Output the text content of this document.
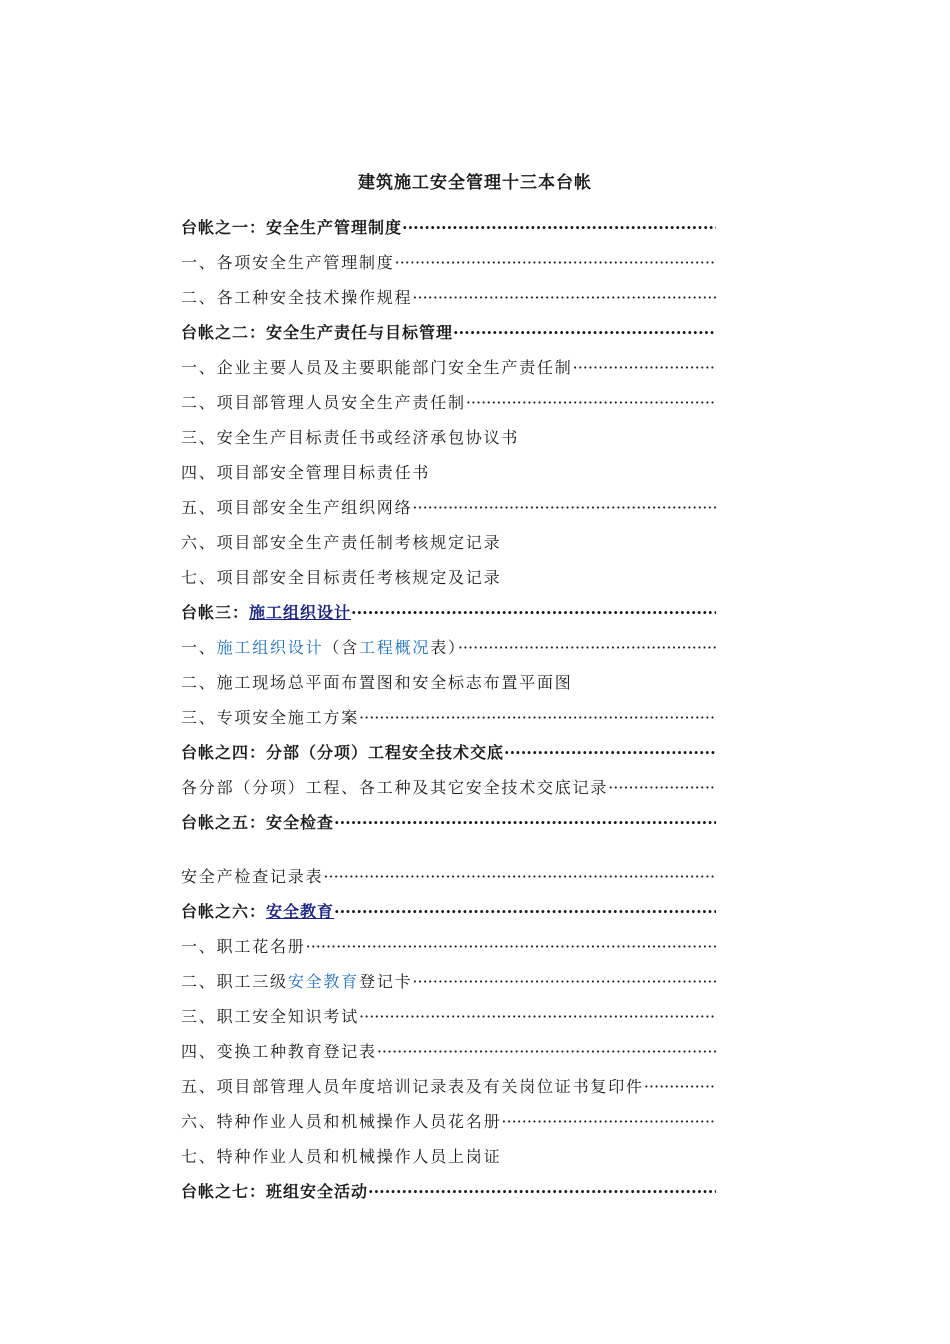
建筑施工安全管理十三本台帐
台帐之一：安全生产管理制度 ·····
一、各项安全生产管理制度 ·····
二、各工种安全技术操作规程 ·····
台帐之二：安全生产责任与目标管理 ·····
一、企业主要人员及主要职能部门安全生产责任制 ·····
二、项目部管理人员安全生产责任制 ·····
三、安全生产目标责任书或经济承包协议书
四、项目部安全管理目标责任书
五、项目部安全生产组织网络 ·····
六、项目部安全生产责任制考核规定记录
七、项目部安全目标责任考核规定及记录
台帐三：施工组织设计 ·····
一、施工组织设计（含工程概况表） ·····
二、施工现场总平面布置图和安全标志布置平面图
三、专项安全施工方案 ·····
台帐之四：分部（分项）工程安全技术交底 ·····
各分部（分项）工程、各工种及其它安全技术交底记录 ·····
台帐之五：安全检查 ·····
安全产检查记录表 ·····
台帐之六：安全教育 ·····
一、职工花名册 ·····
二、职工三级安全教育登记卡 ·····
三、职工安全知识考试 ·····
四、变换工种教育登记表 ·····
五、项目部管理人员年度培训记录表及有关岗位证书复印件 ·····
六、特种作业人员和机械操作人员花名册 ·····
七、特种作业人员和机械操作人员上岗证
台帐之七：班组安全活动 ·····
